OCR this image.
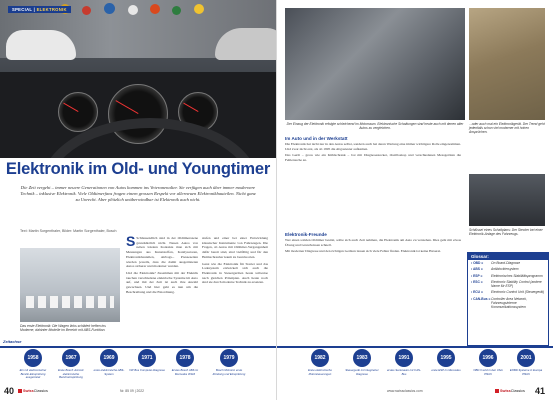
SPECIAL | ELEKTRONIK
Elektronik im Old- und Youngtimer
Die Zeit vergeht – immer neuere Generationen von Autos kommen ins Veteranenalter. Sie verfügen auch über immer modernere Technik – inklusive Elektronik. Viele Oldtimerfans fragen einem grossen Respekt vor allerneuen Elektronikbauteilen. Nicht ganz zu Unrecht. Aber plötzlich unüberwindbar ist Elektronik auch nicht.
Text: Martin Sorgenthaler, Bilder: Martin Sorgenthaler, Bosch
Das erste Elektronik: Die Wagen links schildert heften ins Moderne, dahinter Modelle im Bereich mit ABS-Funktion.

S Schlussendlich sind in der Oldtimerszene grundsätzlich nicht. Neuen Autos von neben lokalen Kontakte man sich mit Messungen aus Kunststoffen, Katalysatoren, Elektronikbauteilen, Airbags... Presseseiten wurden jeweils, dass die damit ausgerüsteten Autos sicherer und moderner wurden.

Und die Elektronik? Zusammen mit der Elektrik tauchen verschiedene elektrische Systeme im Auto auf, und mit der Zeit ist auch ihre Anzahl gewachsen. Und hier geht es nun um die Beschreibung und die Einordnung.

stufen und einer bei einer Entwicklung klassischer Instrumente von Fahrzeugen. Die Fragen, ob Autos mit Oldtimer-Vergangenheit dafür bereit sind, sind vielfältig und für den Heimschrauber kaum zu beantworten.

Ganz wie die Elektronik für Starter und das Ladesystem entwickelt sich auch die Elektronik in Steuergeräten heute teilweise nach gleichen Prinzipien. Auch heute noch sind sie durch moderne Technik zu ersetzen.

Zeitachse
1958
Ein mit elektronischer Benzin-Einspritzung ausgerüstet
1967
Erste Bosch Jetronic elektronische Benzineinspritzung
1969
erste elektronische ABS-System
1971
VW Bus Computer-Diagnose
1978
Erstes Bosch ABS im Mercedes W116
1979
Bosch Motronic erste Zündung und Einspritzung
40	SwissClassics	Nr. 85 09 | 2022
Der Einzug der Elektronik erfolgte schleichend im Motorraum. Elektronische Schaltungen sind heute auch mit denen alter Autos zu vergleichen.
...oder auch mal ein Elektronikgerät. Der Trend geht jedenfalls schon viel moderner mit hohen Ansprüchen.
Im Auto und in der Werkstatt

Die Elektronik hat nicht nur in den Autos selbst, sondern auch bei deren Wartung eine immer wichtigere Rolle eingenommen. Und zwar nicht erst, als ab 1995 die Abgastester aufkamen.

Das Gerät – gross wie ein Kühlschrank – bot mit Diagnosestecker, Oszilloskop und verschiedenen Messgeräten die Fehlersuche an.

Elektronik-Freunde

Wer einen soliden Oldtimer besitzt, sollte sich auch Zeit nehmen, die Elektronik am Auto zu verstehen. Dies geht mit etwas Übung und Grundwissen schnell.

Mit moderner Diagnose und den richtigen Geräten lassen sich viele Fehler finden. Elektronik ist keine Hexerei.

Schlüssel eines Schaltplans: Der Stecker bei einer Elektronik-Anlage des Fahrzeugs.
Glossar:
• OBD =	On Board-Diagnose
• ABS =	Antiblockiersystem
• ESP =	Elektronisches Stabilitätsprogramm
• ESC =	Electronic Stability Control (andere Name für ESP)
• ECU =	Electronic Control Unit (Steuergerät)
• CAN-Bus = Controller Area Network, Fahrzeugsinterne Kommunikationssystem
1982
Erste elektronische Motorsteuerungen
1983
Steuergerät mit integrierter Diagnose
1991
erstes Serienauto mit CAN-Bus
1995
erste ESP im Mercedes
1996
OBD II wird in den USA Pflicht
2001
EOBD Systeme in Europa Pflicht
www.swissclassics.com	SwissClassics 41
